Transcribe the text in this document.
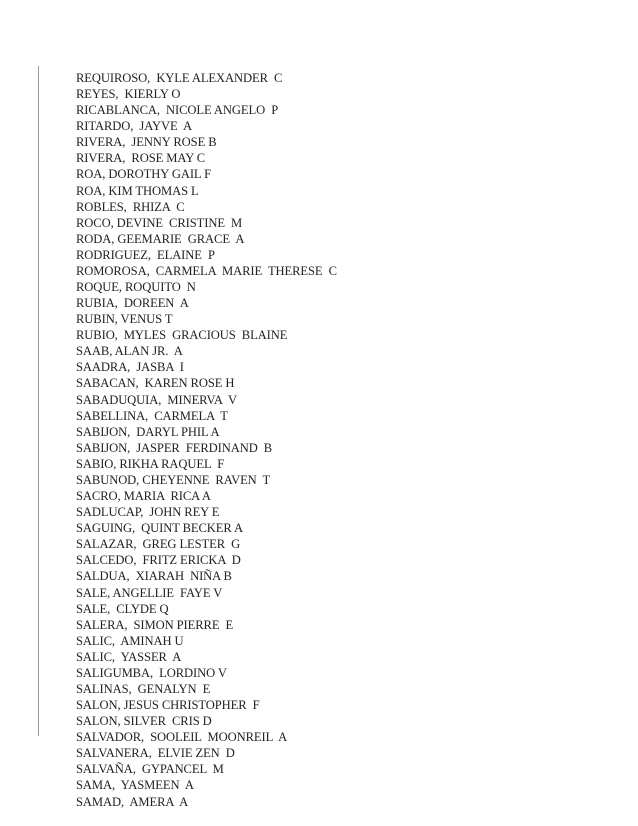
REQUIROSO,  KYLE ALEXANDER  C
REYES,  KIERLY O
RICABLANCA,  NICOLE ANGELO  P
RITARDO,  JAYVE  A
RIVERA,  JENNY ROSE B
RIVERA,  ROSE MAY C
ROA, DOROTHY GAIL F
ROA, KIM THOMAS L
ROBLES,  RHIZA  C
ROCO, DEVINE  CRISTINE  M
RODA, GEEMARIE  GRACE  A
RODRIGUEZ,  ELAINE  P
ROMOROSA,  CARMELA  MARIE  THERESE  C
ROQUE, ROQUITO  N
RUBIA,  DOREEN  A
RUBIN, VENUS T
RUBIO,  MYLES  GRACIOUS  BLAINE
SAAB, ALAN JR.  A
SAADRA,  JASBA  I
SABACAN,  KAREN ROSE H
SABADUQUIA,  MINERVA  V
SABELLINA,  CARMELA  T
SABIJON,  DARYL PHIL A
SABIJON,  JASPER  FERDINAND  B
SABIO, RIKHA RAQUEL  F
SABUNOD, CHEYENNE  RAVEN  T
SACRO, MARIA  RICA A
SADLUCAP,  JOHN REY E
SAGUING,  QUINT BECKER A
SALAZAR,  GREG LESTER  G
SALCEDO,  FRITZ ERICKA  D
SALDUA,  XIARAH  NIÑA B
SALE, ANGELLIE  FAYE V
SALE,  CLYDE Q
SALERA,  SIMON PIERRE  E
SALIC,  AMINAH U
SALIC,  YASSER  A
SALIGUMBA,  LORDINO V
SALINAS,  GENALYN  E
SALON, JESUS CHRISTOPHER  F
SALON, SILVER  CRIS D
SALVADOR,  SOOLEIL  MOONREIL  A
SALVANERA,  ELVIE ZEN  D
SALVAÑA,  GYPANCEL  M
SAMA,  YASMEEN  A
SAMAD,  AMERA  A
